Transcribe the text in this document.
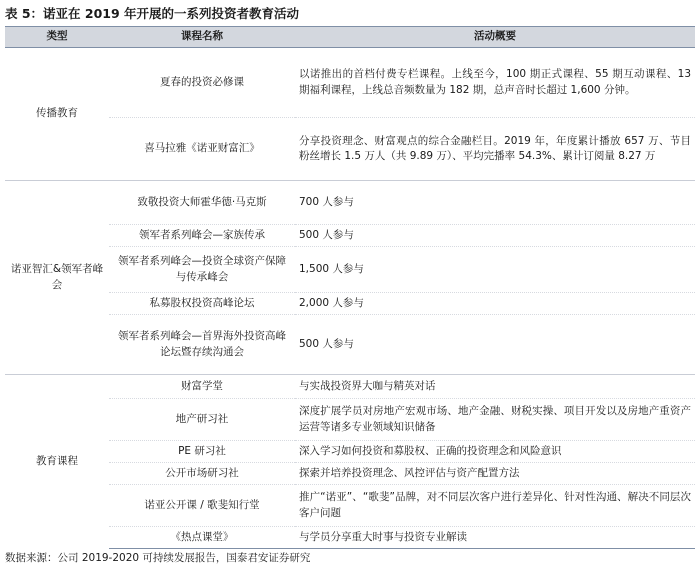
表 5：诺亚在 2019 年开展的一系列投资者教育活动
类型	课程名称	活动概要
传播教育	夏春的投资必修课	以诺推出的首档付费专栏课程。上线至今，100 期正式课程、55 期互动课程、13 期福利课程，上线总音频数量为 182 期，总声音时长超过 1,600 分钟。
	喜马拉雅《诺亚财富汇》	分享投资理念、财富观点的综合金融栏目。2019 年，年度累计播放 657 万、节目粉丝增长 1.5 万人（共 9.89 万）、平均完播率 54.3%、累计订阅量 8.27 万
诺亚智汇&领军者峰会	致敬投资大师霍华德·马克斯	700 人参与
	领军者系列峰会—家族传承	500 人参与
	领军者系列峰会—投资全球资产保障与传承峰会	1,500 人参与
	私募股权投资高峰论坛	2,000 人参与
	领军者系列峰会—首界海外投资高峰论坛暨存续沟通会	500 人参与
教育课程	财富学堂	与实战投资界大咖与精英对话
	地产研习社	深度扩展学员对房地产宏观市场、地产金融、财税实操、项目开发以及房地产重资产运营等诸多专业领域知识储备
	PE 研习社	深入学习如何投资和募股权、正确的投资理念和风险意识
	公开市场研习社	探索并培养投资理念、风控评估与资产配置方法
	诺亚公开课 / 歌斐知行堂	推广“诺亚”、“歌斐”品牌，对不同层次客户进行差异化、针对性沟通、解决不同层次客户问题
	《热点课堂》	与学员分享重大时事与投资专业解读
数据来源：公司 2019-2020 可持续发展报告，国泰君安证券研究
